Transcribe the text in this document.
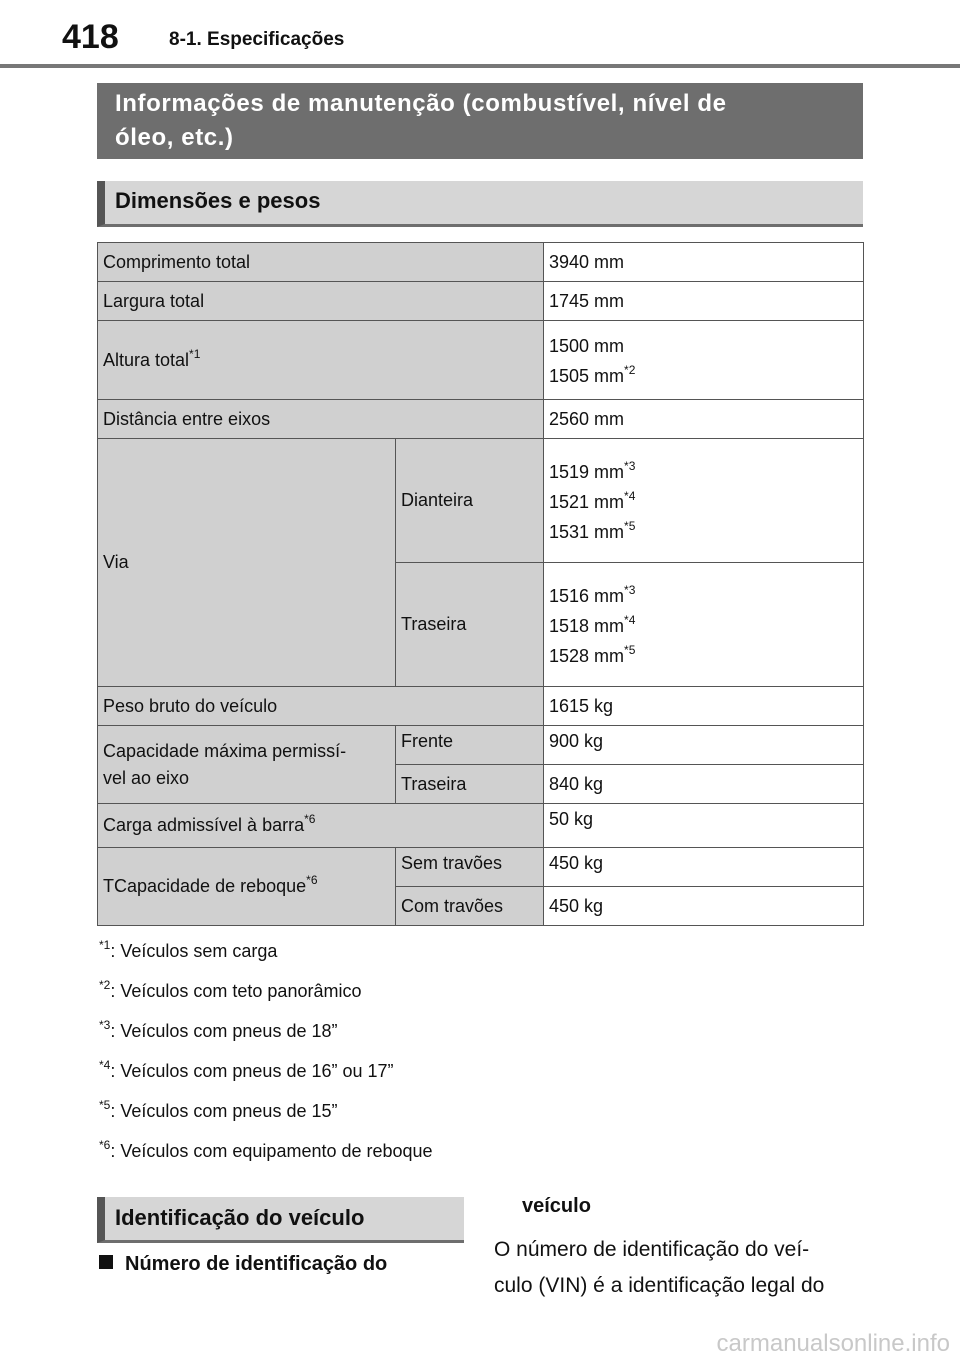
418	8-1. Especificações
Informações de manutenção (combustível, nível de
óleo, etc.)
Dimensões e pesos
Comprimento total		3940 mm
Largura total		1745 mm
Altura total$^{*1}$		1500 mm
1505 $mm^{*2}$

Distância entre eixos		2560 mm
Via	Dianteira	1519 $mm^{*3}$
1521 $mm^{*4}$
1531 $mm^{*5}$

	Traseira	1516 $mm^{*3}$
1518 $mm^{*4}$
1528 $mm^{*5}$

Peso bruto do veículo		1615 kg

Capacidade máxima permissí-
vel ao eixo	Frente	900 kg
	Traseira	840 kg
Carga admissível à barra$^{*6}$		50 kg
TCapacidade de reboque$^{*6}$	Sem travões	450 kg
	Com travões	450 kg
$^{*1}$: Veículos sem carga
$^{*2}$: Veículos com teto panorâmico
$^{*3}$: Veículos com pneus de 18”
$^{*4}$: Veículos com pneus de 16” ou 17”
$^{*5}$: Veículos com pneus de 15”
$^{*6}$: Veículos com equipamento de reboque
Identificação do veículo
Número de identificação do
veículo
O número de identificação do veí-
culo (VIN) é a identificação legal do
carmanualsonline.info
